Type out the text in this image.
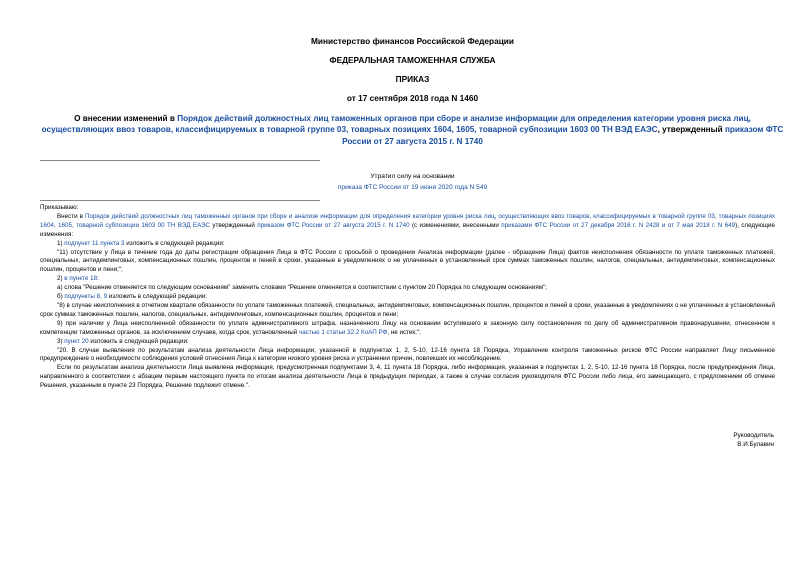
Министерство финансов Российской Федерации
ФЕДЕРАЛЬНАЯ ТАМОЖЕННАЯ СЛУЖБА
ПРИКАЗ
от 17 сентября 2018 года N 1460
О внесении изменений в Порядок действий должностных лиц таможенных органов при сборе и анализе информации для определения категории уровня риска лиц, осуществляющих ввоз товаров, классифицируемых в товарной группе 03, товарных позициях 1604, 1605, товарной субпозиции 1603 00 ТН ВЭД ЕАЭС, утвержденный приказом ФТС России от 27 августа 2015 г. N 1740
Утратил силу на основании
приказа ФТС России от 19 июня 2020 года N 549

Приказываю:

Внести в Порядок действий должностных лиц таможенных органов при сборе и анализе информации для определения категории уровня риска лиц, осуществляющих ввоз товаров, классифицируемых в товарной группе 03, товарных позициях 1604, 1605, товарной субпозиции 1603 00 ТН ВЭД ЕАЭС утвержденный приказом ФТС России от 27 августа 2015 г. N 1740 (с изменениями, внесенными приказами ФТС России от 27 декабря 2016 г. N 2428 и от 7 мая 2018 г. N 649), следующие изменения:

1) подпункт 11 пункта 3 изложить в следующей редакции:

"11) отсутствие у Лица в течение года до даты регистрации обращения Лица в ФТС России с просьбой о проведении Анализа информации (далее - обращение Лица) фактов неисполнения обязанности по уплате таможенных платежей, специальных, антидемпинговых, компенсационных пошлин, процентов и пеней в сроки, указанные в уведомлениях о не уплаченных в установленный срок суммах таможенных пошлин, налогов, специальных, антидемпинговых, компенсационных пошлин, процентов и пени;";

2) в пункте 18:

а) слова "Решение отменяется по следующим основаниям" заменить словами "Решение отменяется в соответствии с пунктом 20 Порядка по следующим основаниям";

б) подпункты 8, 9 изложить в следующей редакции:

"8) в случае неисполнения в отчетном квартале обязанности по уплате таможенных платежей, специальных, антидемпинговых, компенсационных пошлин, процентов и пеней в сроки, указанные в уведомлениях о не уплаченных в установленный срок суммах таможенных пошлин, налогов, специальных, антидемпинговых, компенсационных пошлин, процентов и пени;

9) при наличии у Лица неисполненной обязанности по уплате административного штрафа, назначенного Лицу на основании вступившего в законную силу постановления по делу об административном правонарушении, отнесенном к компетенции таможенных органов, за исключением случаев, когда срок, установленный частью 1 статьи 32.2 КоАП РФ, не истек;";

3) пункт 20 изложить в следующей редакции:

"20. В случае выявления по результатам анализа деятельности Лица информации, указанной в подпунктах 1, 2, 5-10, 12-16 пункта 18 Порядка, Управление контроля таможенных рисков ФТС России направляет Лицу письменное предупреждение о необходимости соблюдения условий отнесения Лица к категории низкого уровня риска и устранении причин, повлекших их несоблюдение.

Если по результатам анализа деятельности Лица выявлена информация, предусмотренная подпунктами 3, 4, 11 пункта 18 Порядка, либо информация, указанная в подпунктах 1, 2, 5-10, 12-16 пункта 18 Порядка, после предупреждения Лица, направленного в соответствии с абзацем первым настоящего пункта по итогам анализа деятельности Лица в предыдущих периодах, а также в случае согласия руководителя ФТС России либо лица, его замещающего, с предложением об отмене Решения, указанным в пункте 23 Порядка, Решение подлежит отмене.".

Руководитель
В.И.Булавин
